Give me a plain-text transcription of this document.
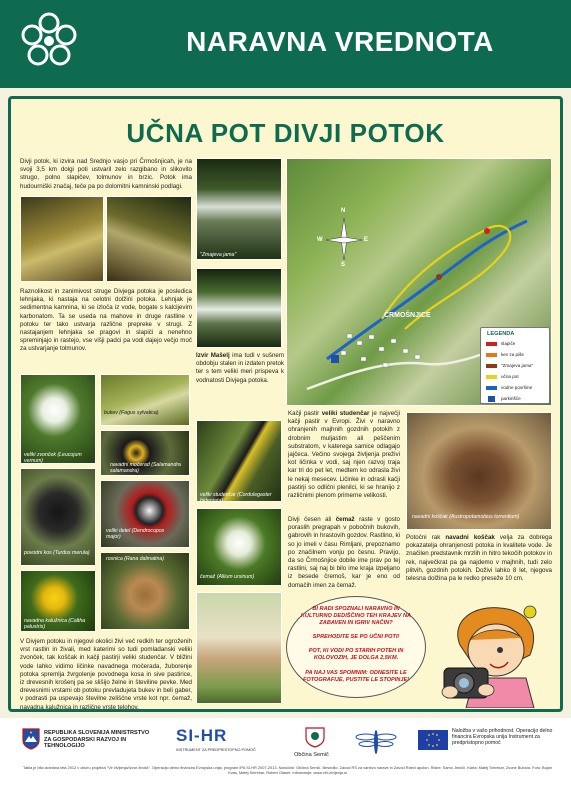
NARAVNA VREDNOTA
UČNA POT DIVJI POTOK
Divji potok, ki izvira nad Srednjo vasjo pri Črmošnjicah, je na svoji 3,5 km dolgi poti ustvaril zelo razgibano in slikovito strugo, polno slapičev, tolmunov in brzic. Potok ima hudourniški značaj, teče pa po dolomitni kamninski podlagi.
"Zmajeva jama"
N
E
W
S
ČRMOŠNJICE
LEGENDA
slapiče
kev za piše
"Zmajeva jama"
učna pot
vodne površine
parkirišče
Raznolikost in zanimivost struge Divjega potoka je posledica lehnjaka, ki nastaja na celotni dolžini potoka. Lehnjak je sedimentna kamnina, ki se izloča iz vode, bogate s kalcijevim karbonatom. Ta se useda na mahove in druge rastline v potoku ter tako ustvarja različne prepreke v strugi. Z nastajanjem lehnjaka se pragovi in slapiči a nenehno spreminjajo in rastejo, vse višji padci pa vodi dajejo večjo moč za ustvarjanje tolmunov.
Izvir Mašelj ima tudi v sušnem obdobju stalen in izdaten pretok ter s tem veliki meri prispeva k vodnatosti Divjega potoka.
veliki zvonček (Leucojum vernum)
bukev (Fagus sylvatica)
navadni močerad (Salamandra salamandra)
povodni kos (Turdus merula)
veliki detel (Dendrocopos major)
rosnica (Rana dalmatina)
navadna kalužnica (Caltha palustris)
veliki studenčar (Cordulegaster bidentata)
Kačji pastir veliki studenčar je največji kačji pastir v Evropi. Živi v naravno ohranjenih majhnih gozdnih potokih z drobnim muljastim ali peščenim substratom, v katerega samice odlagajo jajčeca. Večino svojega življenja preživi kot ličinka v vodi, saj njen razvoj traja kar tri do pet let, medtem ko odrasla živi le nekaj mesecev. Ličinke in odrasli kačji pastirji so odlični plenilci, ki se hranijo z različnimi plenom primerne velikosti.
navadni koščak (Austropotamobius torrentium)
čemaž (Allium ursinum)
Divji česen ali čemaž raste v gosto poraslih pregrapah v pobočnih bukovih, gabrovih in hrastovih gozdov. Rastlino, ki so jo imeli v času Rimljani, prepoznamo po značilnem vonju po česnu. Pravijo, da so Črmošnjice dobile ime prav po tej rastlini, saj naj bi bilo ime kraja izpeljano iz besede čremoš, kar je eno od domačih imen za čemaž.
Potočni rak navadni koščak velja za dobrega pokazatelja ohranjenosti potoka in kvalitete vode. Je značilen predstavnik mrzlih in hitro tekočih potokov in rek, največkrat pa ga najdemo v majhnih, tudi zelo plitvih, gozdnih potokih. Doživi lahko 8 let, njegova telesna dolžina pa le redko preseže 10 cm.
V Divjem potoku in njegovi okolici živi več redkih ter ogroženih vrst rastlin in živali, med katerimi so tudi pomladanski veliki zvonček, tak koščak in kačji pastirji veliki studenčar. V bližini vode lahko vidimo ličinke navadnega močerada, žuborenje potoka spremlja žvrgolenje povodnega kosa in sive pastirice, iz drevesnih krošenj pa se slišijo želne in številine pevke. Med drevesnimi vrstami ob potoku prevladujeta bukev in beli gaber, v podrasti pa uspevajo številne zeliščne vrste kot npr. čemaž, navadna kalužnica in različne vrste telohov.
BI RADI SPOZNALI NARAVNO IN KULTURNO DEDIŠČINO TEH KRAJEV NA ZABAVEN IN IGRIV NAČIN?
SPREHODITE SE PO UČNI POTI!
POT, KI VODI PO STARIH POTEH IN KOLOVOZIH, JE DOLGA 2,5KM.
PA NAJ VAS SPOMNIM: ODNESITE LE FOTOGRAFIJE, PUSTITE LE STOPINJE!
REPUBLIKA SLOVENIJA MINISTRSTVO ZA GOSPODARSKI RAZVOJ IN TEHNOLOGIJO
SI-HR
INSTRUMENT ZA PREDPRISTOPNO POMOČ
Občina Semič
Naložba v vašo prihodnost. Operacijo delno financira Evropska unija Instrument za predpristopno pomoč
Tabla je bila izdelana leta 2012 v okviru projekta "Vir življenja/Izvor života". Operacijo delno financira Evropska unija, program IPA SI-HR 2007-2013. Naročnik: Občina Semič. Besedilo: Zavod RS za varstvo narave in Zavod Rdeči apolon. Risbe: Samo Jenčič. Karta: Matej Smrekar, Zvone Bubola. Foto: Bojan Kvas, Matej Smrekar, Robert Glaser. Informacije: www.viri-zivljenja.si
